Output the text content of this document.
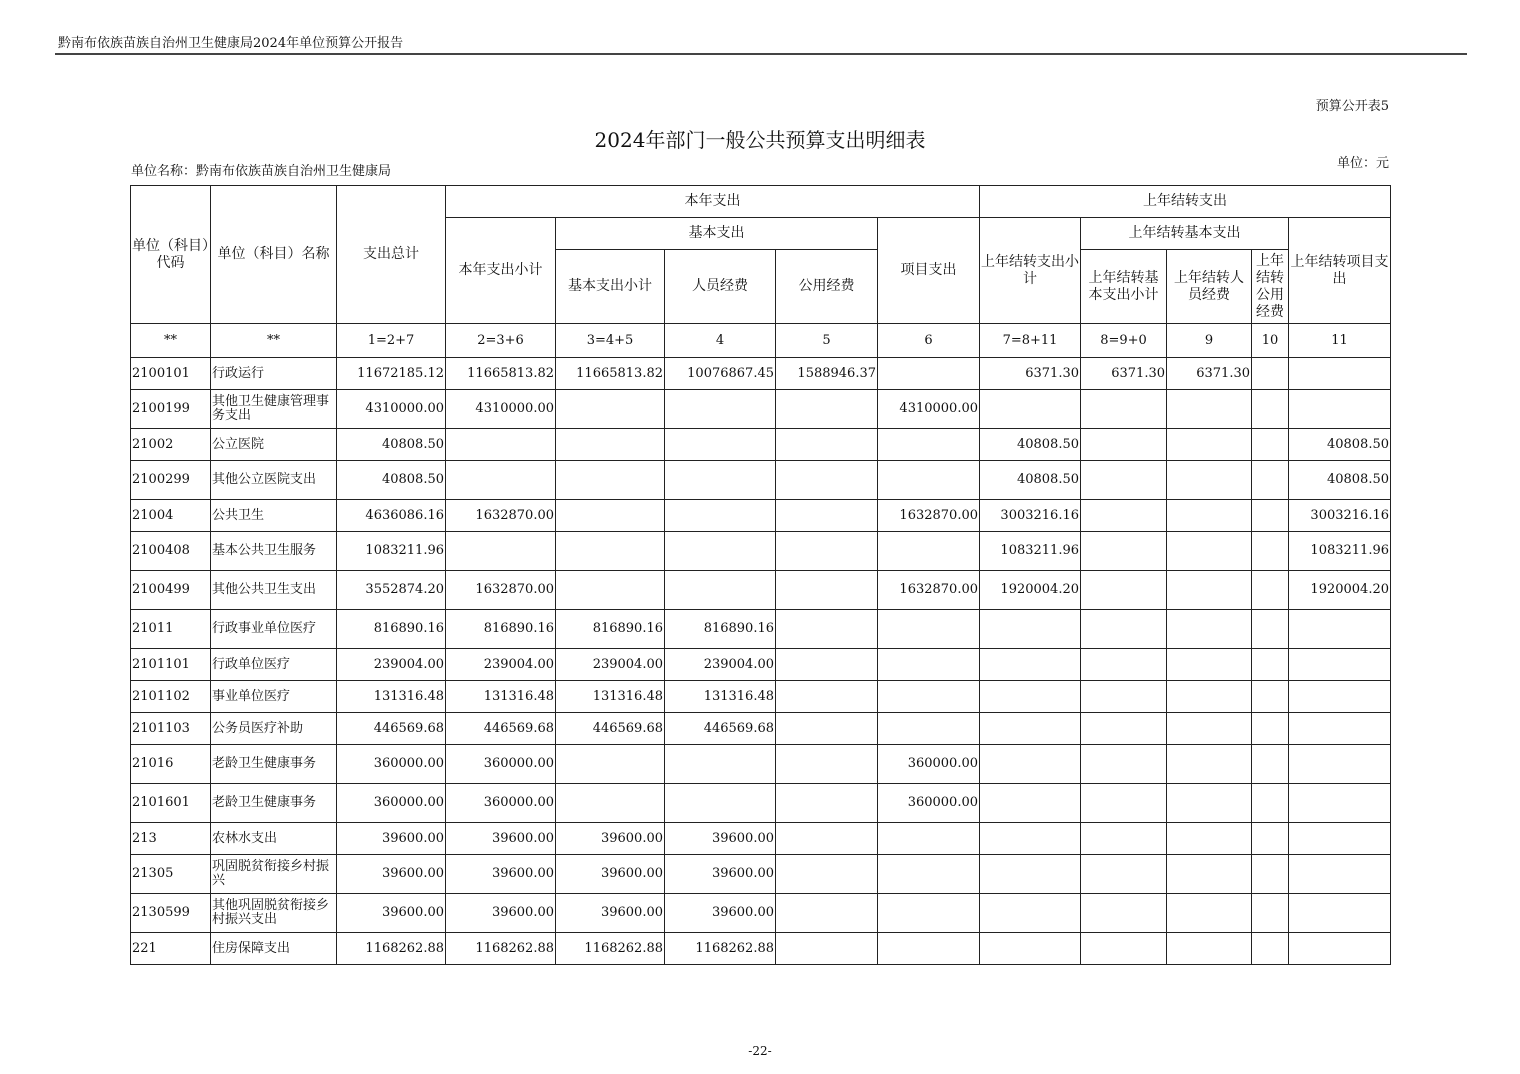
黔南布依族苗族自治州卫生健康局2024年单位预算公开报告
预算公开表5
2024年部门一般公共预算支出明细表
单位名称：黔南布依族苗族自治州卫生健康局
单位：元
单位（科目）代码	单位（科目）名称	支出总计	本年支出					上年结转支出				
			本年支出小计	基本支出			项目支出	上年结转支出小计	上年结转基本支出			上年结转项目支出
				基本支出小计	人员经费	公用经费			上年结转基本支出小计	上年结转人员经费	上年结转公用经费	

**	**	1=2+7	2=3+6	3=4+5	4	5	6	7=8+11	8=9+0	9	10	11
2100101	行政运行	11672185.12	11665813.82	11665813.82	10076867.45	1588946.37		6371.30	6371.30	6371.30		
2100199	其他卫生健康管理事务支出	4310000.00	4310000.00				4310000.00					
21002	公立医院	40808.50						40808.50				40808.50
2100299	其他公立医院支出	40808.50						40808.50				40808.50
21004	公共卫生	4636086.16	1632870.00				1632870.00	3003216.16				3003216.16
2100408	基本公共卫生服务	1083211.96						1083211.96				1083211.96
2100499	其他公共卫生支出	3552874.20	1632870.00				1632870.00	1920004.20				1920004.20
21011	行政事业单位医疗	816890.16	816890.16	816890.16	816890.16							
2101101	行政单位医疗	239004.00	239004.00	239004.00	239004.00							
2101102	事业单位医疗	131316.48	131316.48	131316.48	131316.48							
2101103	公务员医疗补助	446569.68	446569.68	446569.68	446569.68							
21016	老龄卫生健康事务	360000.00	360000.00				360000.00					
2101601	老龄卫生健康事务	360000.00	360000.00				360000.00					
213	农林水支出	39600.00	39600.00	39600.00	39600.00							
21305	巩固脱贫衔接乡村振兴	39600.00	39600.00	39600.00	39600.00							
2130599	其他巩固脱贫衔接乡村振兴支出	39600.00	39600.00	39600.00	39600.00							
221	住房保障支出	1168262.88	1168262.88	1168262.88	1168262.88							
-22-
